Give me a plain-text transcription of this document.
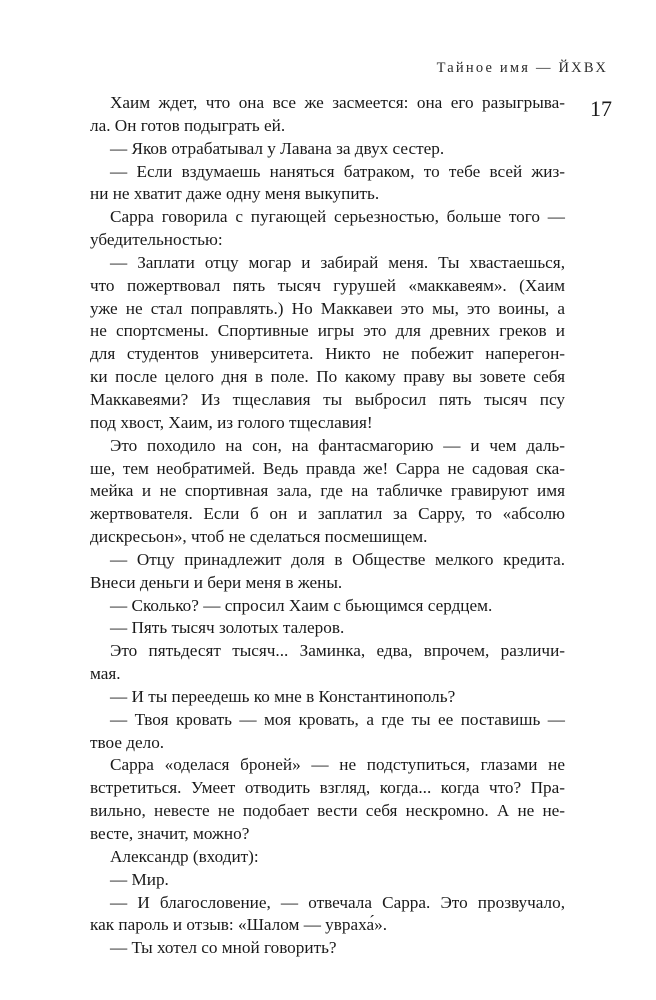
Тайное имя — ЙХВХ
17

Хаим ждет, что она все же засмеется: она его разыгрыва-
ла. Он готов подыграть ей.

— Яков отрабатывал у Лавана за двух сестер.

— Если вздумаешь наняться батраком, то тебе всей жиз-
ни не хватит даже одну меня выкупить.

Сарра говорила с пугающей серьезностью, больше того —
убедительностью:

— Заплати отцу могар и забирай меня. Ты хвастаешься,
что пожертвовал пять тысяч гурушей «маккавеям». (Хаим
уже не стал поправлять.) Но Маккавеи это мы, это воины, а
не спортсмены. Спортивные игры это для древних греков и
для студентов университета. Никто не побежит наперегон-
ки после целого дня в поле. По какому праву вы зовете себя
Маккавеями? Из тщеславия ты выбросил пять тысяч псу
под хвост, Хаим, из голого тщеславия!

Это походило на сон, на фантасмагорию — и чем даль-
ше, тем необратимей. Ведь правда же! Сарра не садовая ска-
мейка и не спортивная зала, где на табличке гравируют имя
жертвователя. Если б он и заплатил за Сарру, то «абсолю
дискресьон», чтоб не сделаться посмешищем.

— Отцу принадлежит доля в Обществе мелкого кредита.
Внеси деньги и бери меня в жены.

— Сколько? — спросил Хаим с бьющимся сердцем.

— Пять тысяч золотых талеров.

Это пятьдесят тысяч... Заминка, едва, впрочем, различи-
мая.

— И ты переедешь ко мне в Константинополь?

— Твоя кровать — моя кровать, а где ты ее поставишь —
твое дело.

Сарра «оделася броней» — не подступиться, глазами не
встретиться. Умеет отводить взгляд, когда... когда что? Пра-
вильно, невесте не подобает вести себя нескромно. А не не-
весте, значит, можно?

Александр (входит):

— Мир.

— И благословение, — отвечала Сарра. Это прозвучало,
как пароль и отзыв: «Шалом — увраха́».

— Ты хотел со мной говорить?
